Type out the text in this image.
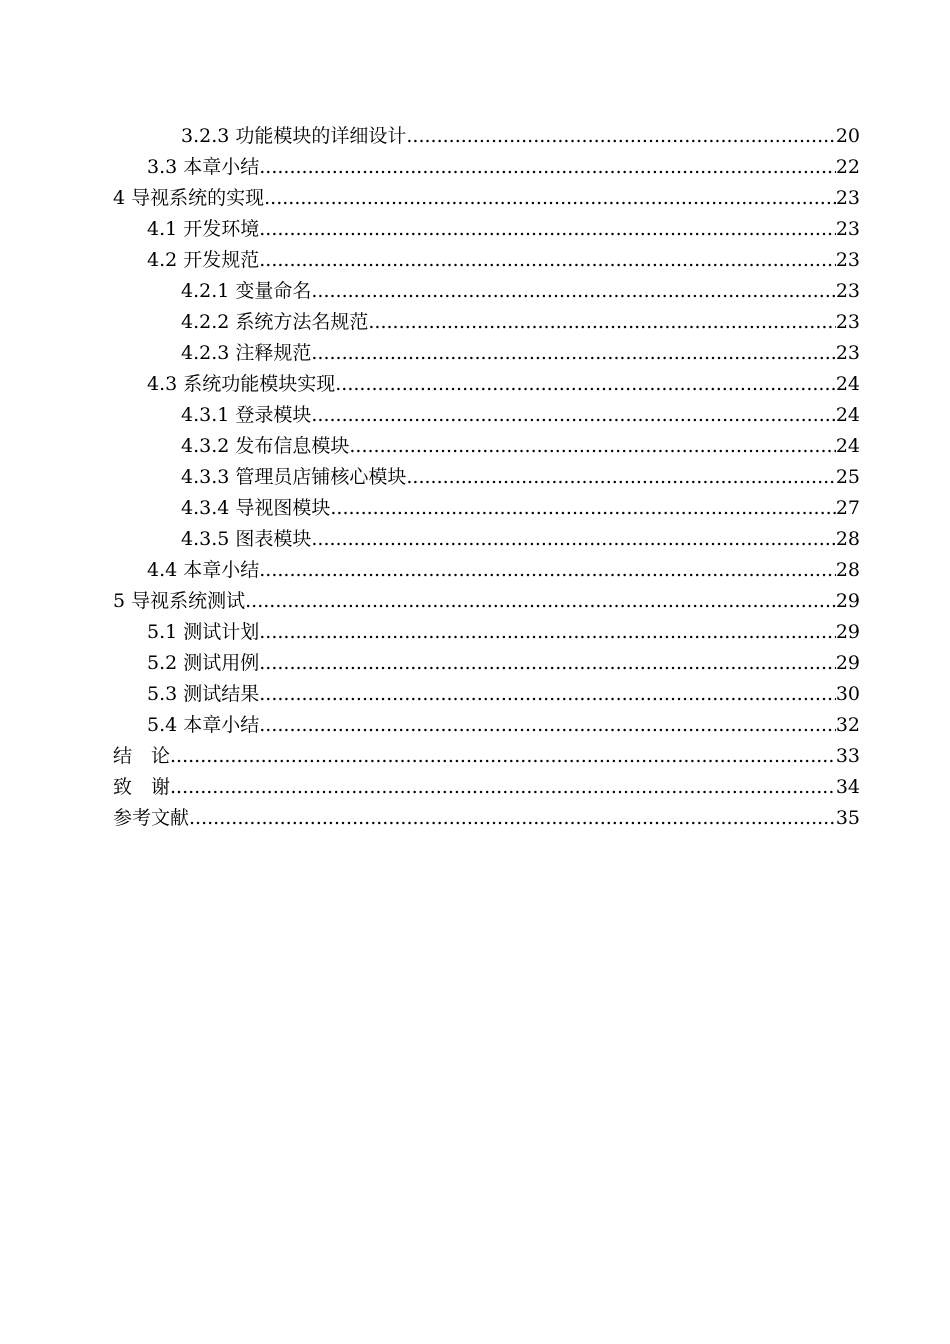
3.2.3 功能模块的详细设计 .....	20
3.3 本章小结 .....	22
4 导视系统的实现 .....	23
4.1 开发环境 .....	23
4.2 开发规范 .....	23
4.2.1 变量命名 .....	23
4.2.2 系统方法名规范 .....	23
4.2.3 注释规范 .....	23
4.3 系统功能模块实现 .....	24
4.3.1 登录模块 .....	24
4.3.2 发布信息模块 .....	24
4.3.3 管理员店铺核心模块 .....	25
4.3.4 导视图模块 .....	27
4.3.5 图表模块 .....	28
4.4 本章小结 .....	28
5 导视系统测试 .....	29
5.1 测试计划 .....	29
5.2 测试用例 .....	29
5.3 测试结果 .....	30
5.4 本章小结 .....	32
结　论 .....	33
致　谢 .....	34
参考文献 .....	35
